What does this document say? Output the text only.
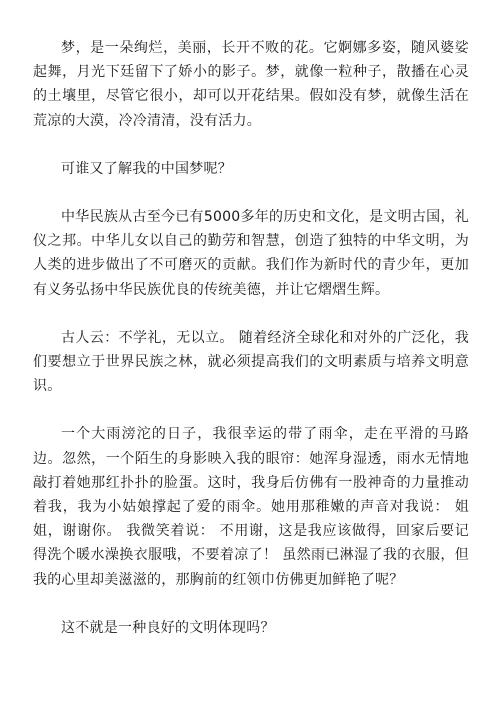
梦，是一朵绚烂，美丽，长开不败的花。它婀娜多姿，随风婆娑起舞，月光下廷留下了娇小的影子。梦，就像一粒种子，散播在心灵的土壤里，尽管它很小，却可以开花结果。假如没有梦，就像生活在荒凉的大漠，冷冷清清，没有活力。

可谁又了解我的中国梦呢？

中华民族从古至今已有5000多年的历史和文化，是文明古国，礼仪之邦。中华儿女以自己的勤劳和智慧，创造了独特的中华文明，为人类的进步做出了不可磨灭的贡献。我们作为新时代的青少年，更加有义务弘扬中华民族优良的传统美德，并让它熠熠生辉。

古人云：不学礼，无以立。 随着经济全球化和对外的广泛化，我们要想立于世界民族之林，就必须提高我们的文明素质与培养文明意识。

一个大雨滂沱的日子，我很幸运的带了雨伞，走在平滑的马路边。忽然，一个陌生的身影映入我的眼帘：她浑身湿透，雨水无情地敲打着她那红扑扑的脸蛋。这时，我身后仿佛有一股神奇的力量推动着我，我为小姑娘撑起了爱的雨伞。她用那稚嫩的声音对我说： 姐姐，谢谢你。 我微笑着说： 不用谢，这是我应该做得，回家后要记得洗个暖水澡换衣服哦，不要着凉了！ 虽然雨已淋湿了我的衣服，但我的心里却美滋滋的，那胸前的红领巾仿佛更加鲜艳了呢？

这不就是一种良好的文明体现吗？
